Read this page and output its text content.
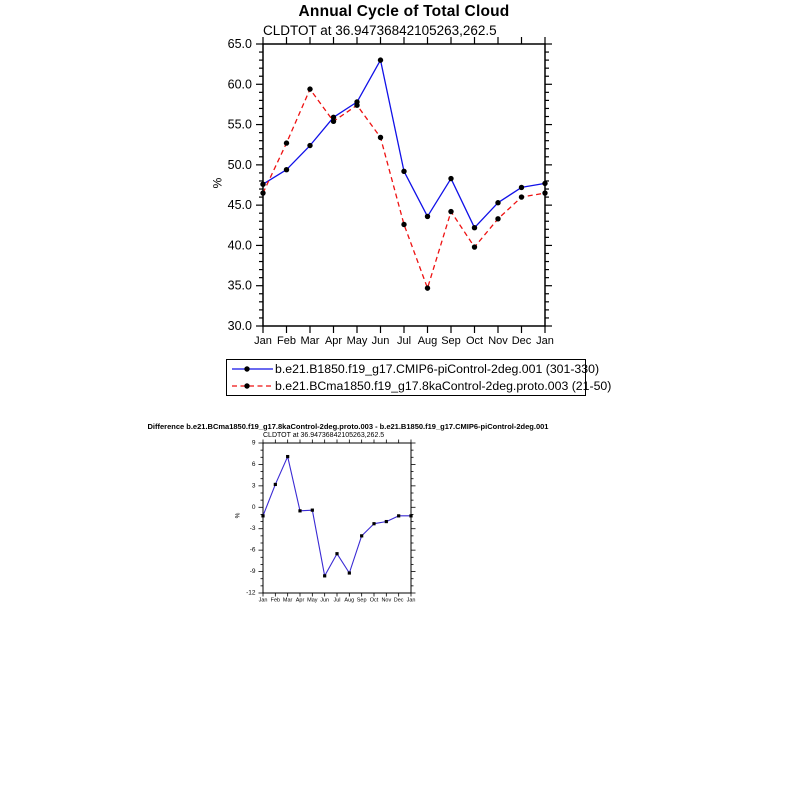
Jan Feb Mar Apr May Jun Jul Aug Sep Oct Nov Dec Jan
30.0
35.0
40.0
45.0
50.0
55.0
60.0
65.0
Jan Feb Mar Apr May Jun Jul Aug Sep Oct Nov Dec Jan
-12
-9
-6
-3
0
3
6
9
Annual Cycle of Total Cloud
CLDTOT at 36.94736842105263,262.5
%
b.e21.B1850.f19_g17.CMIP6-piControl-2deg.001 (301-330)
b.e21.BCma1850.f19_g17.8kaControl-2deg.proto.003 (21-50)
Difference b.e21.BCma1850.f19_g17.8kaControl-2deg.proto.003 - b.e21.B1850.f19_g17.CMIP6-piControl-2deg.001
CLDTOT at 36.94736842105263,262.5
%
